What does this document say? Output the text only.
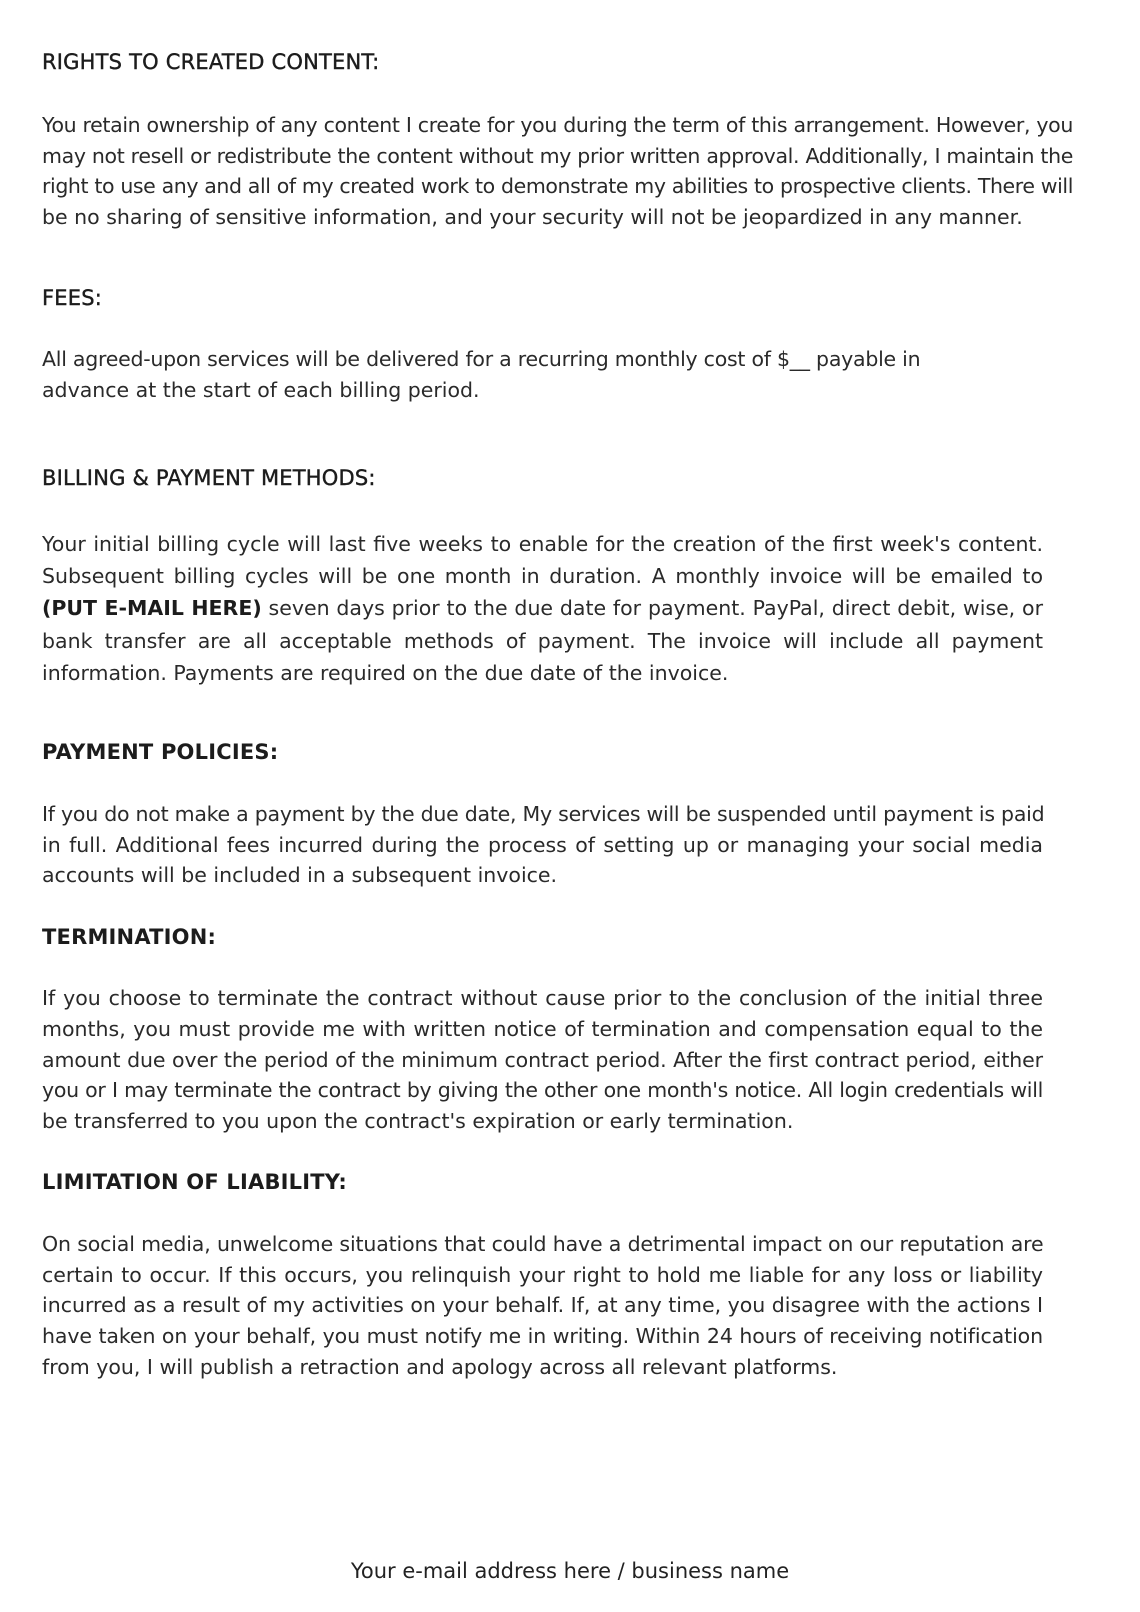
RIGHTS TO CREATED CONTENT:
You retain ownership of any content I create for you during the term of this arrangement. However, you
may not resell or redistribute the content without my prior written approval. Additionally, I maintain the
right to use any and all of my created work to demonstrate my abilities to prospective clients. There will
be no sharing of sensitive information, and your security will not be jeopardized in any manner.
FEES:
All agreed-upon services will be delivered for a recurring monthly cost of $__ payable in
advance at the start of each billing period.
BILLING & PAYMENT METHODS:
Your initial billing cycle will last five weeks to enable for the creation of the first week's content.
Subsequent billing cycles will be one month in duration. A monthly invoice will be emailed to
(PUT E-MAIL HERE) seven days prior to the due date for payment. PayPal, direct debit, wise, or
bank transfer are all acceptable methods of payment. The invoice will include all payment
information. Payments are required on the due date of the invoice.
PAYMENT POLICIES:
If you do not make a payment by the due date, My services will be suspended until payment is paid
in full. Additional fees incurred during the process of setting up or managing your social media
accounts will be included in a subsequent invoice.
TERMINATION:
If you choose to terminate the contract without cause prior to the conclusion of the initial three
months, you must provide me with written notice of termination and compensation equal to the
amount due over the period of the minimum contract period. After the first contract period, either
you or I may terminate the contract by giving the other one month's notice. All login credentials will
be transferred to you upon the contract's expiration or early termination.
LIMITATION OF LIABILITY:
On social media, unwelcome situations that could have a detrimental impact on our reputation are
certain to occur. If this occurs, you relinquish your right to hold me liable for any loss or liability
incurred as a result of my activities on your behalf. If, at any time, you disagree with the actions I
have taken on your behalf, you must notify me in writing. Within 24 hours of receiving notification
from you, I will publish a retraction and apology across all relevant platforms.
Your e-mail address here / business name
